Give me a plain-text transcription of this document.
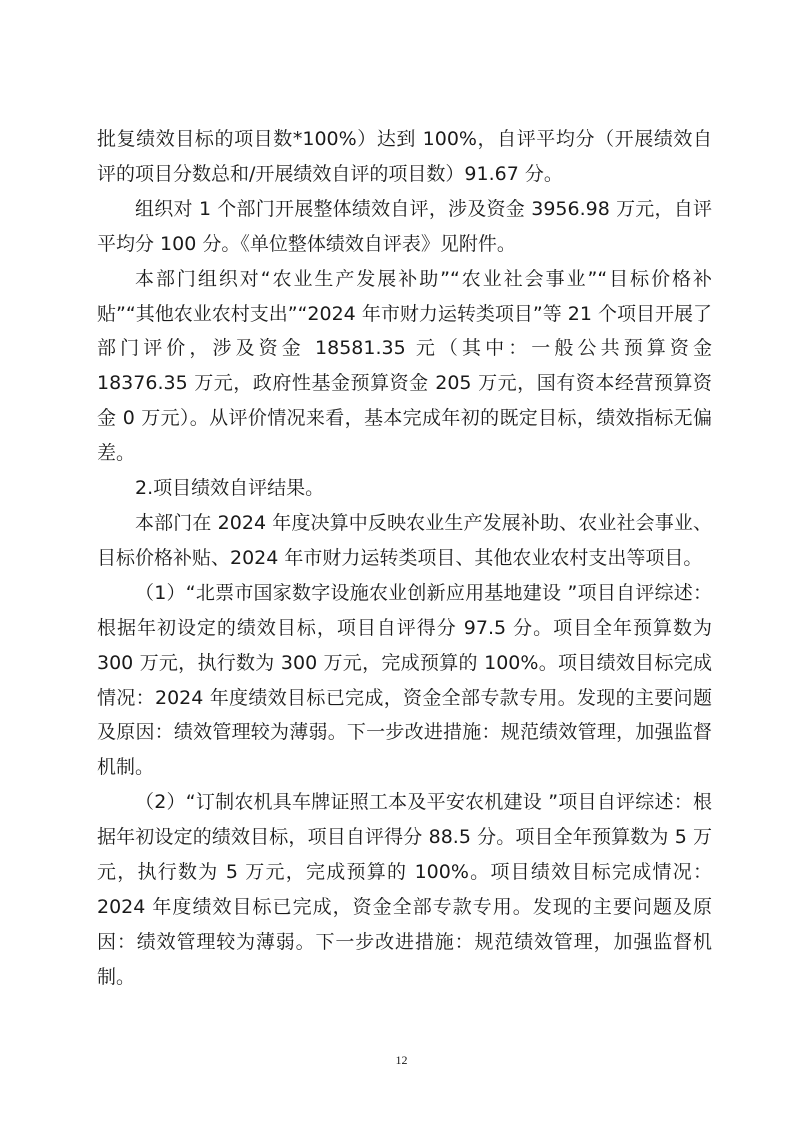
批复绩效目标的项目数*100%）达到 100%，自评平均分（开展绩效自评的项目分数总和/开展绩效自评的项目数）91.67 分。

组织对 1 个部门开展整体绩效自评，涉及资金 3956.98 万元，自评平均分 100 分。《单位整体绩效自评表》见附件。

本部门组织对“农业生产发展补助”“农业社会事业”“目标价格补贴”“其他农业农村支出”“2024 年市财力运转类项目”等 21 个项目开展了部门评价，涉及资金 18581.35 元（其中：一般公共预算资金 18376.35 万元，政府性基金预算资金 205 万元，国有资本经营预算资金 0 万元）。从评价情况来看，基本完成年初的既定目标，绩效指标无偏差。

2.项目绩效自评结果。

本部门在 2024 年度决算中反映农业生产发展补助、农业社会事业、目标价格补贴、2024 年市财力运转类项目、其他农业农村支出等项目。

（1）“北票市国家数字设施农业创新应用基地建设 ”项目自评综述：根据年初设定的绩效目标，项目自评得分 97.5 分。项目全年预算数为 300 万元，执行数为 300 万元，完成预算的 100%。项目绩效目标完成情况：2024 年度绩效目标已完成，资金全部专款专用。发现的主要问题及原因：绩效管理较为薄弱。下一步改进措施：规范绩效管理，加强监督机制。

（2）“订制农机具车牌证照工本及平安农机建设 ”项目自评综述：根据年初设定的绩效目标，项目自评得分 88.5 分。项目全年预算数为 5 万元，执行数为 5 万元，完成预算的 100%。项目绩效目标完成情况：2024 年度绩效目标已完成，资金全部专款专用。发现的主要问题及原因：绩效管理较为薄弱。下一步改进措施：规范绩效管理，加强监督机制。

12
